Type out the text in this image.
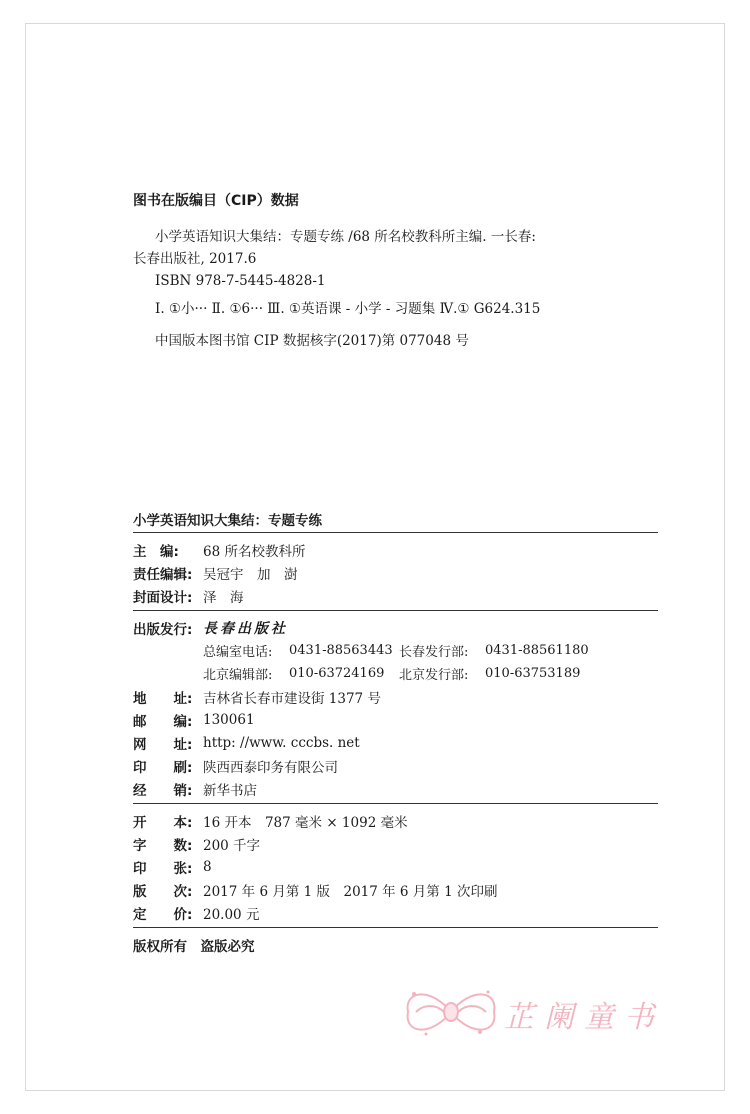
图书在版编目（CIP）数据

小学英语知识大集结：专题专练 /68 所名校教科所主编. 一长春:

长春出版社, 2017.6

ISBN 978-7-5445-4828-1

Ⅰ. ①小··· Ⅱ. ①6··· Ⅲ. ①英语课 - 小学 - 习题集 Ⅳ.① G624.315

中国版本图书馆 CIP 数据核字(2017)第 077048 号

小学英语知识大集结：专题专练
主　编:	68 所名校教科所
责任编辑: 吴冠宇　加　澍
封面设计: 泽　海
出版发行: 長春出版社
总编室电话:	0431-88563443 长春发行部:	0431-88561180
北京编辑部:	010-63724169	北京发行部:	010-63753189
地　　址: 吉林省长春市建设街 1377 号
邮　　编: 130061
网　　址: http: //www. cccbs. net
印　　刷: 陕西西泰印务有限公司
经　　销: 新华书店
开　　本: 16 开本　787 毫米 × 1092 毫米
字　　数: 200 千字
印　　张: 8
版　　次: 2017 年 6 月第 1 版　2017 年 6 月第 1 次印刷
定　　价: 20.00 元
版权所有　盗版必究
芷阑童书
